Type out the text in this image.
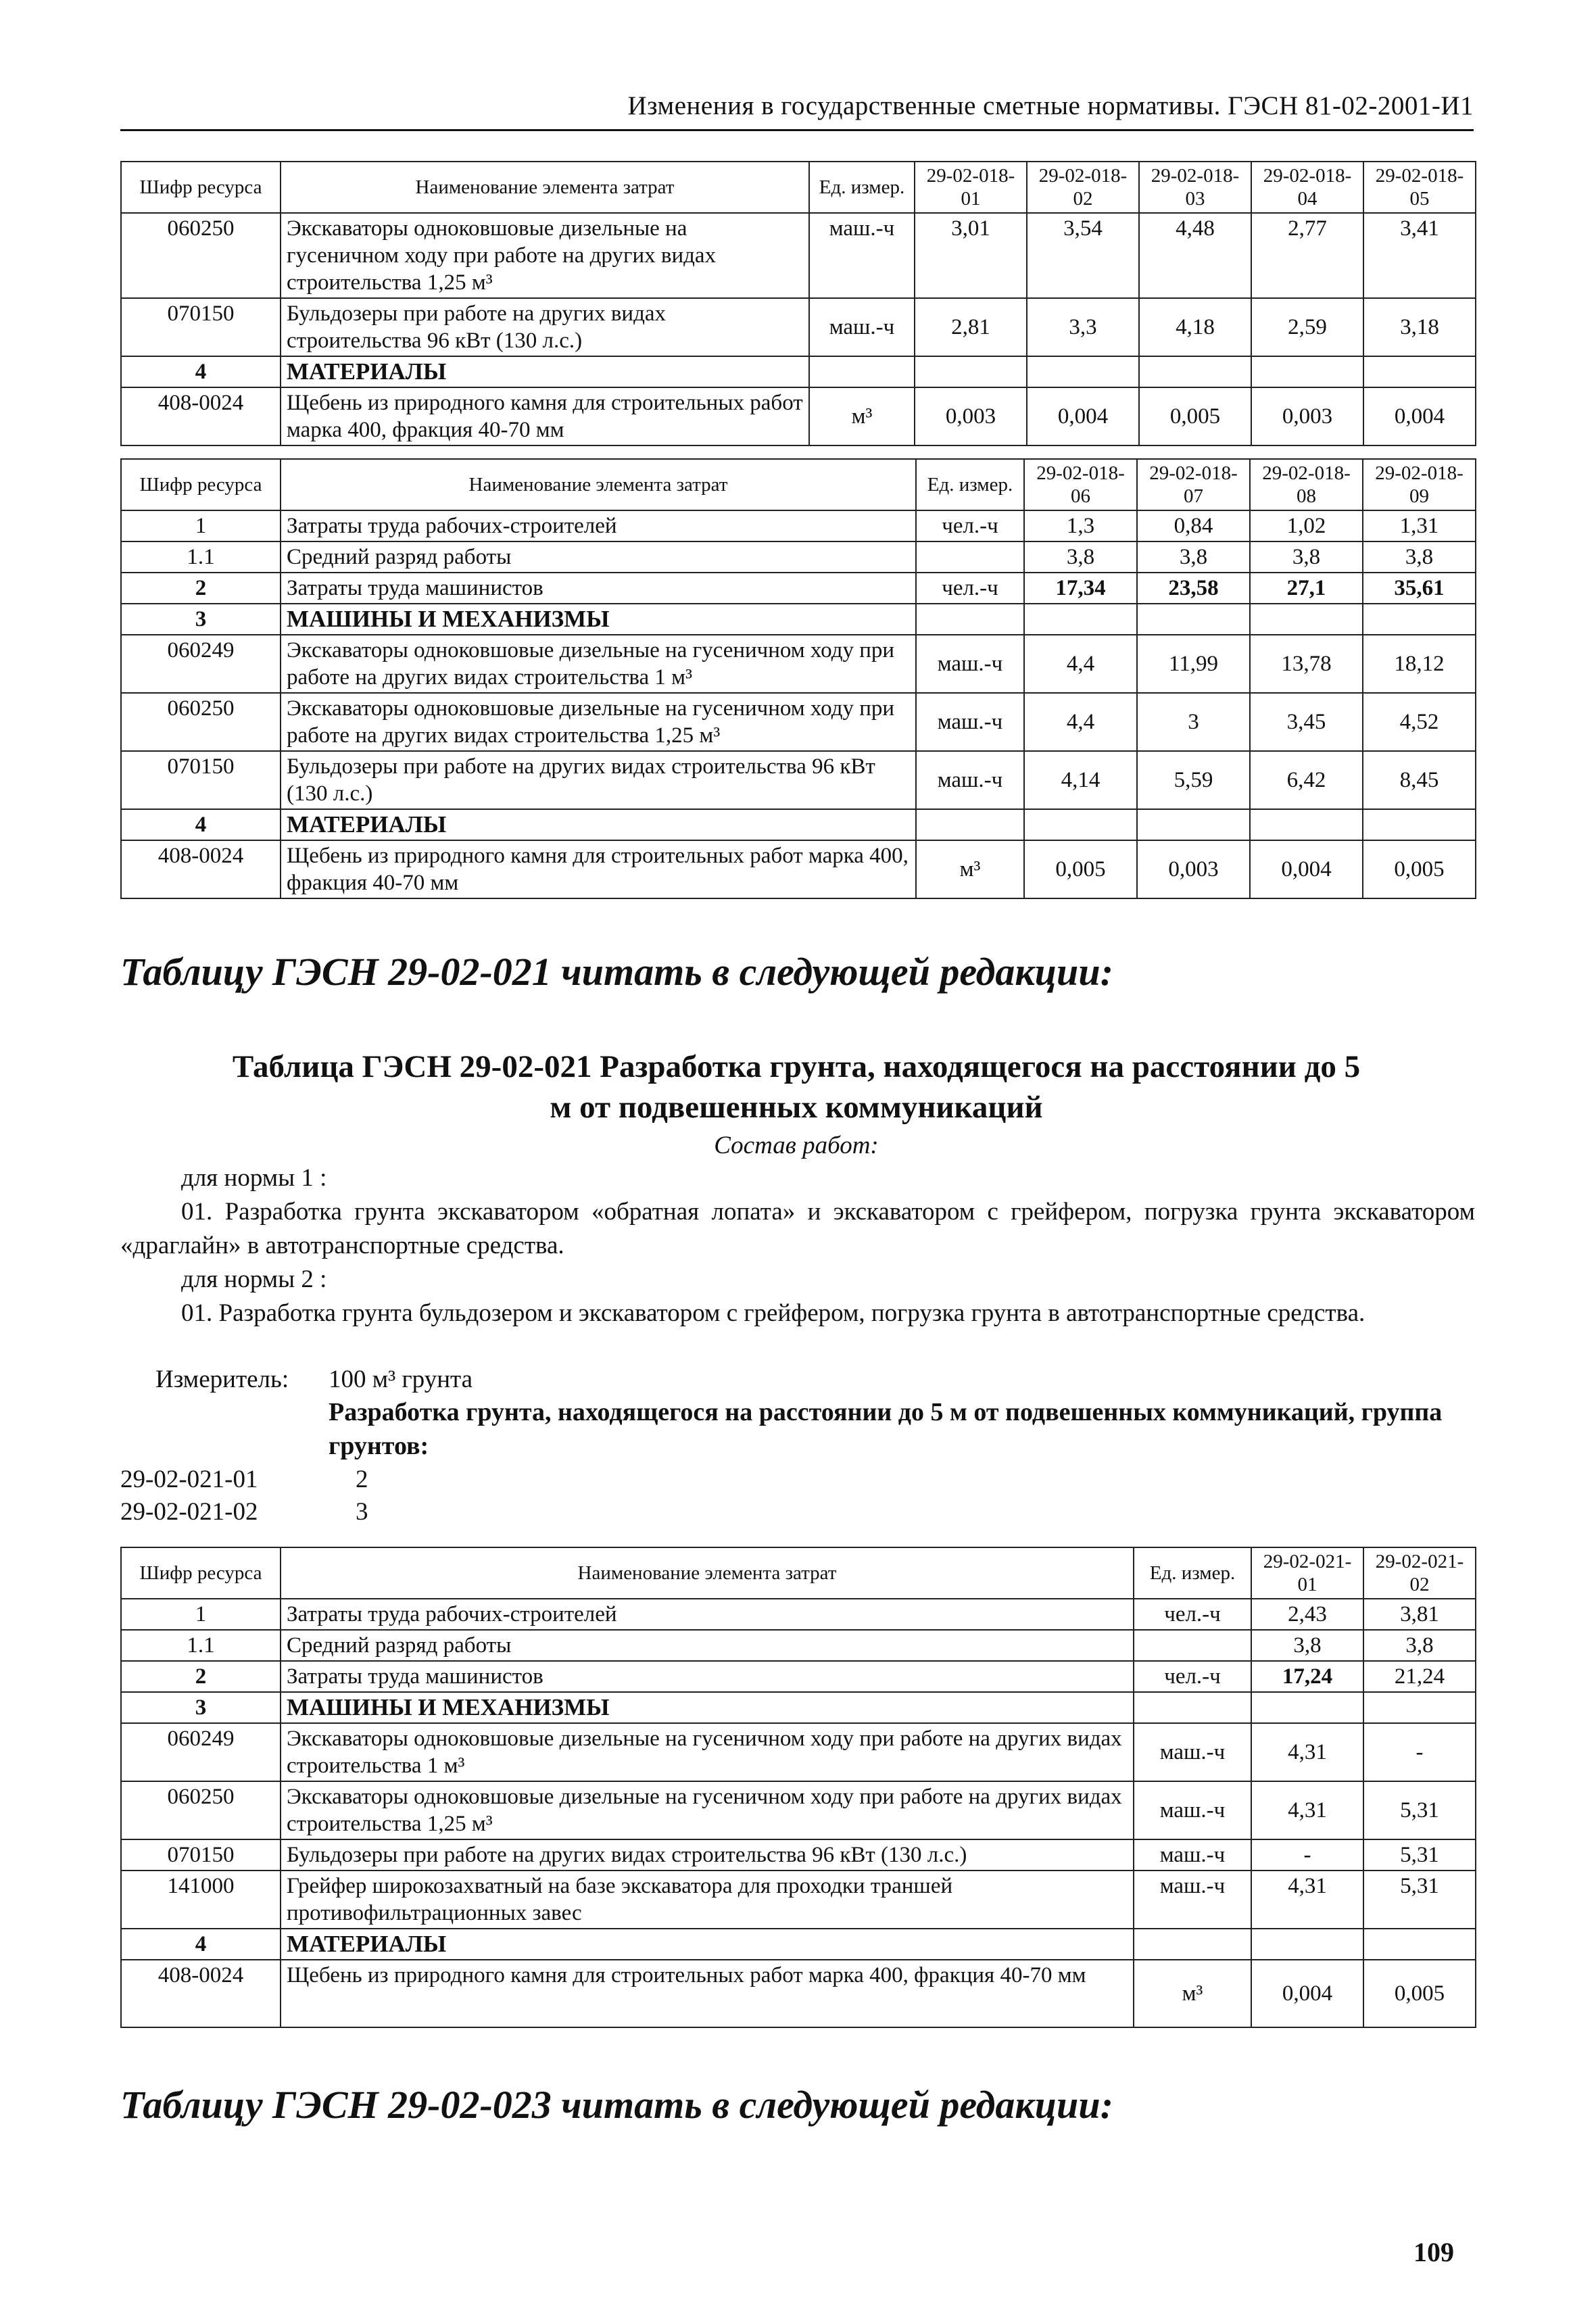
Изменения в государственные сметные нормативы. ГЭСН 81-02-2001-И1
Шифр ресурса	Наименование элемента затрат	Ед. измер.	29-02-018-01	29-02-018-02	29-02-018-03	29-02-018-04	29-02-018-05
060250	Экскаваторы одноковшовые дизельные на гусеничном ходу при работе на других видах строительства 1,25 м³	маш.-ч	3,01	3,54	4,48	2,77	3,41
070150	Бульдозеры при работе на других видах строительства 96 кВт (130 л.с.)	маш.-ч	2,81	3,3	4,18	2,59	3,18
4	МАТЕРИАЛЫ						
408-0024	Щебень из природного камня для строительных работ марка 400, фракция 40-70 мм	м³	0,003	0,004	0,005	0,003	0,004
Шифр ресурса	Наименование элемента затрат	Ед. измер.	29-02-018-06	29-02-018-07	29-02-018-08	29-02-018-09
1	Затраты труда рабочих-строителей	чел.-ч	1,3	0,84	1,02	1,31
1.1	Средний разряд работы		3,8	3,8	3,8	3,8
2	Затраты труда машинистов	чел.-ч	17,34	23,58	27,1	35,61
3	МАШИНЫ И МЕХАНИЗМЫ					
060249	Экскаваторы одноковшовые дизельные на гусеничном ходу при работе на других видах строительства 1 м³	маш.-ч	4,4	11,99	13,78	18,12
060250	Экскаваторы одноковшовые дизельные на гусеничном ходу при работе на других видах строительства 1,25 м³	маш.-ч	4,4	3	3,45	4,52
070150	Бульдозеры при работе на других видах строительства 96 кВт (130 л.с.)	маш.-ч	4,14	5,59	6,42	8,45
4	МАТЕРИАЛЫ					
408-0024	Щебень из природного камня для строительных работ марка 400, фракция 40-70 мм	м³	0,005	0,003	0,004	0,005
Таблицу ГЭСН 29-02-021 читать в следующей редакции:
Таблица ГЭСН 29-02-021 Разработка грунта, находящегося на расстоянии до 5 м от подвешенных коммуникаций
Состав работ:
для нормы 1 :
01. Разработка грунта экскаватором «обратная лопата» и экскаватором с грейфером, погрузка грунта экскаватором «драглайн» в автотранспортные средства.
для нормы 2 :
01. Разработка грунта бульдозером и экскаватором с грейфером, погрузка грунта в автотранспортные средства.
Измеритель: 100 м³ грунта
Разработка грунта, находящегося на расстоянии до 5 м от подвешенных коммуникаций, группа грунтов:
29-02-021-01	2
29-02-021-02	3
Шифр ресурса	Наименование элемента затрат	Ед. измер.	29-02-021-01	29-02-021-02
1	Затраты труда рабочих-строителей	чел.-ч	2,43	3,81
1.1	Средний разряд работы		3,8	3,8
2	Затраты труда машинистов	чел.-ч	17,24	21,24
3	МАШИНЫ И МЕХАНИЗМЫ			
060249	Экскаваторы одноковшовые дизельные на гусеничном ходу при работе на других видах строительства 1 м³	маш.-ч	4,31	-
060250	Экскаваторы одноковшовые дизельные на гусеничном ходу при работе на других видах строительства 1,25 м³	маш.-ч	4,31	5,31
070150	Бульдозеры при работе на других видах строительства 96 кВт (130 л.с.)	маш.-ч	-	5,31
141000	Грейфер широкозахватный на базе экскаватора для проходки траншей противофильтрационных завес	маш.-ч	4,31	5,31
4	МАТЕРИАЛЫ			
408-0024	Щебень из природного камня для строительных работ марка 400, фракция 40-70 мм	м³	0,004	0,005
Таблицу ГЭСН 29-02-023 читать в следующей редакции:
109
